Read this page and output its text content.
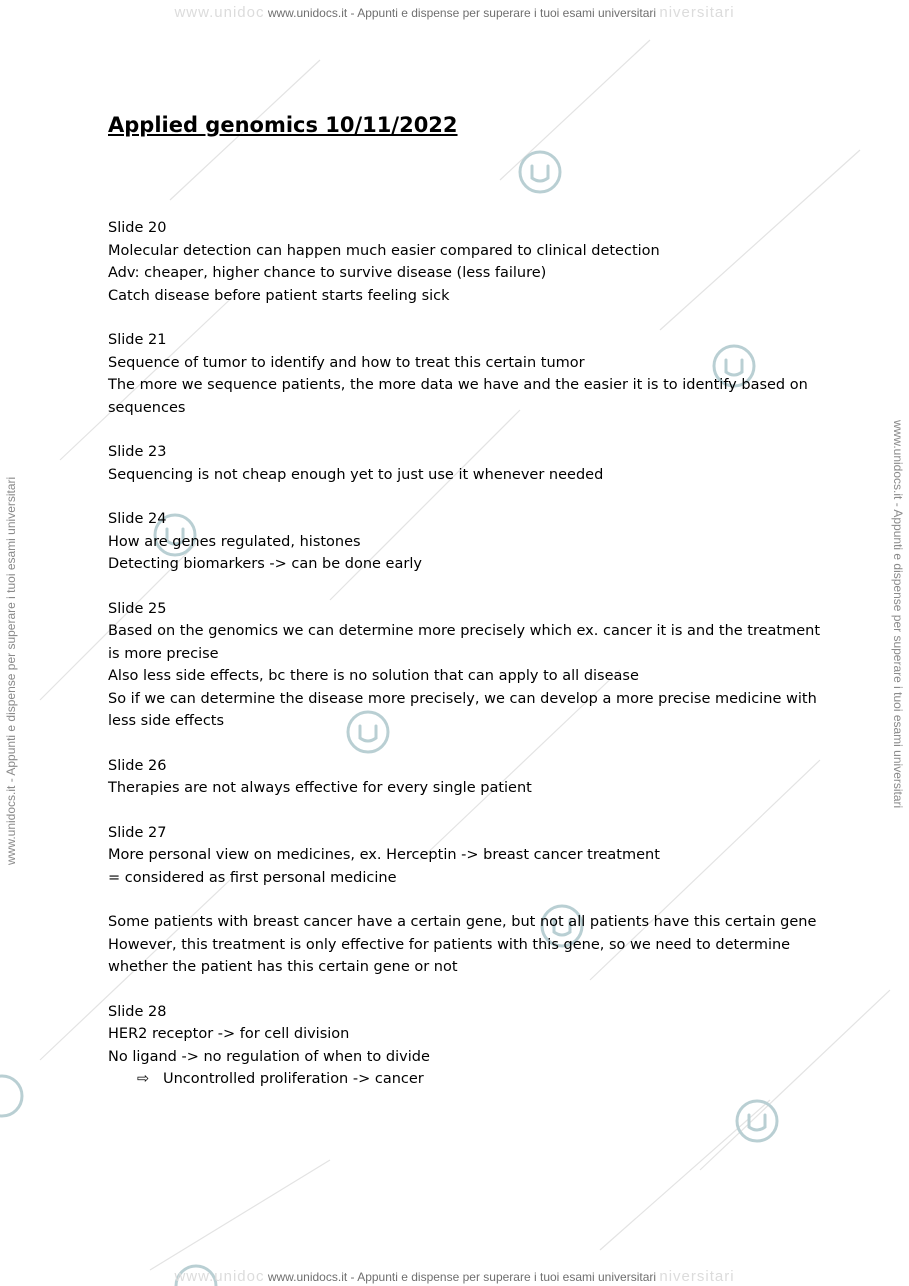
www.unidoc www.unidocs.it - Appunti e dispense per superare i tuoi esami universitari niversitari
www.unidocs.it - Appunti e dispense per superare i tuoi esami universitari	www.unidocs.it - Appunti e dispense per superare i tuoi esami universitari
Applied genomics 10/11/2022
Slide 20
Molecular detection can happen much easier compared to clinical detection
Adv: cheaper, higher chance to survive disease (less failure)
Catch disease before patient starts feeling sick
Slide 21
Sequence of tumor to identify and how to treat this certain tumor
The more we sequence patients, the more data we have and the easier it is to identify based on sequences
Slide 23
Sequencing is not cheap enough yet to just use it whenever needed
Slide 24
How are genes regulated, histones
Detecting biomarkers -> can be done early
Slide 25
Based on the genomics we can determine more precisely which ex. cancer it is and the treatment is more precise
Also less side effects, bc there is no solution that can apply to all disease
So if we can determine the disease more precisely, we can develop a more precise medicine with less side effects
Slide 26
Therapies are not always effective for every single patient
Slide 27
More personal view on medicines, ex. Herceptin -> breast cancer treatment
= considered as first personal medicine
Some patients with breast cancer have a certain gene, but not all patients have this certain gene
However, this treatment is only effective for patients with this gene, so we need to determine whether the patient has this certain gene or not
Slide 28
HER2 receptor -> for cell division
No ligand -> no regulation of when to divide
⇨ Uncontrolled proliferation -> cancer
www.unidoc www.unidocs.it - Appunti e dispense per superare i tuoi esami universitari niversitari
